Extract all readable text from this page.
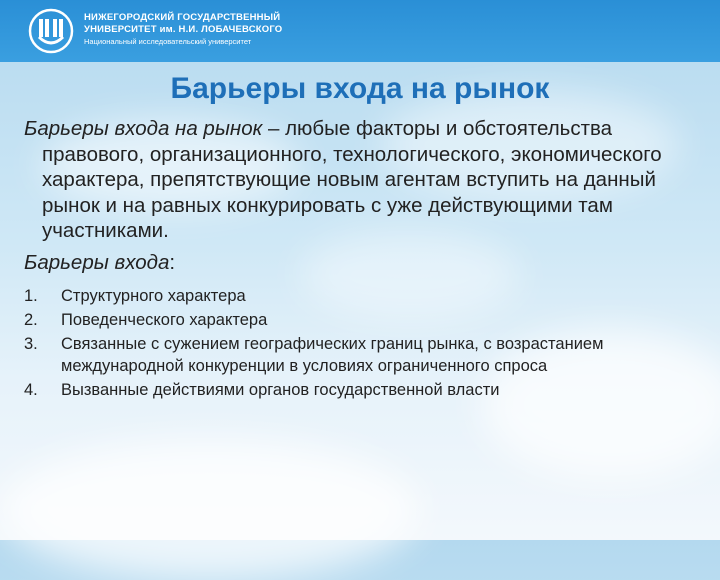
НИЖЕГОРОДСКИЙ ГОСУДАРСТВЕННЫЙ
УНИВЕРСИТЕТ им. Н.И. ЛОБАЧЕВСКОГО
Национальный исследовательский университет
Барьеры входа на рынок

Барьеры входа на рынок – любые факторы и обстоятельства правового, организационного, технологического, экономического характера, препятствующие новым агентам вступить на данный рынок и на равных конкурировать с уже действующими там участниками.

Барьеры входа:

1. Структурного характера
2. Поведенческого характера
3. Связанные с сужением географических границ рынка, с возрастанием международной конкуренции в условиях ограниченного спроса
4. Вызванные действиями органов государственной власти
